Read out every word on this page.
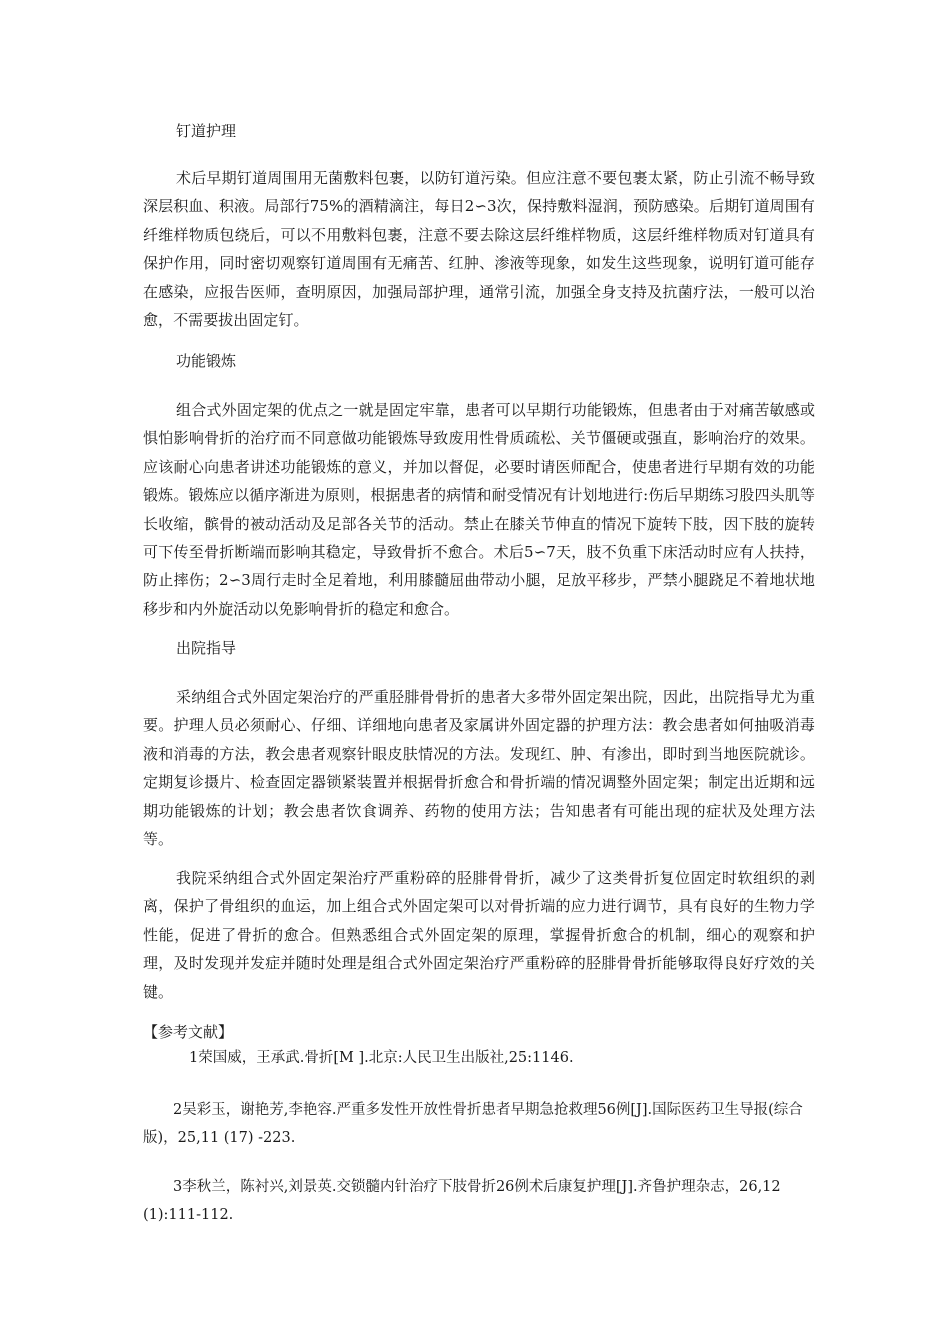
钉道护理
术后早期钉道周围用无菌敷料包裹，以防钉道污染。但应注意不要包裹太紧，防止引流不畅导致深层积血、积液。局部行75%的酒精滴注，每日2∽3次，保持敷料湿润，预防感染。后期钉道周围有纤维样物质包绕后，可以不用敷料包裹，注意不要去除这层纤维样物质，这层纤维样物质对钉道具有保护作用，同时密切观察钉道周围有无痛苦、红肿、渗液等现象，如发生这些现象，说明钉道可能存在感染，应报告医师，查明原因，加强局部护理，通常引流，加强全身支持及抗菌疗法，一般可以治愈，不需要拔出固定钉。
功能锻炼
组合式外固定架的优点之一就是固定牢靠，患者可以早期行功能锻炼，但患者由于对痛苦敏感或惧怕影响骨折的治疗而不同意做功能锻炼导致废用性骨质疏松、关节僵硬或强直，影响治疗的效果。应该耐心向患者讲述功能锻炼的意义，并加以督促，必要时请医师配合，使患者进行早期有效的功能锻炼。锻炼应以循序渐进为原则，根据患者的病情和耐受情况有计划地进行:伤后早期练习股四头肌等长收缩，髌骨的被动活动及足部各关节的活动。禁止在膝关节伸直的情况下旋转下肢，因下肢的旋转可下传至骨折断端而影响其稳定，导致骨折不愈合。术后5∽7天，肢不负重下床活动时应有人扶持，防止摔伤；2∽3周行走时全足着地，利用膝髓屈曲带动小腿，足放平移步，严禁小腿跷足不着地状地移步和内外旋活动以免影响骨折的稳定和愈合。
出院指导
采纳组合式外固定架治疗的严重胫腓骨骨折的患者大多带外固定架出院，因此，出院指导尤为重要。护理人员必须耐心、仔细、详细地向患者及家属讲外固定器的护理方法：教会患者如何抽吸消毒液和消毒的方法，教会患者观察针眼皮肤情况的方法。发现红、肿、有渗出，即时到当地医院就诊。定期复诊摄片、检查固定器锁紧装置并根据骨折愈合和骨折端的情况调整外固定架；制定出近期和远期功能锻炼的计划；教会患者饮食调养、药物的使用方法；告知患者有可能出现的症状及处理方法等。
我院采纳组合式外固定架治疗严重粉碎的胫腓骨骨折，减少了这类骨折复位固定时软组织的剥离，保护了骨组织的血运，加上组合式外固定架可以对骨折端的应力进行调节，具有良好的生物力学性能，促进了骨折的愈合。但熟悉组合式外固定架的原理，掌握骨折愈合的机制，细心的观察和护理，及时发现并发症并随时处理是组合式外固定架治疗严重粉碎的胫腓骨骨折能够取得良好疗效的关键。
【参考文献】
1荣国威，王承武.骨折[M ].北京:人民卫生出版社,25:1146.
2吴彩玉，谢艳芳,李艳容.严重多发性开放性骨折患者早期急抢救理56例[J].国际医药卫生导报(综合版)，25,11 (17) -223.
3李秋兰，陈衬兴,刘景英.交锁髓内针治疗下肢骨折26例术后康复护理[J].齐鲁护理杂志，26,12 (1):111-112.
